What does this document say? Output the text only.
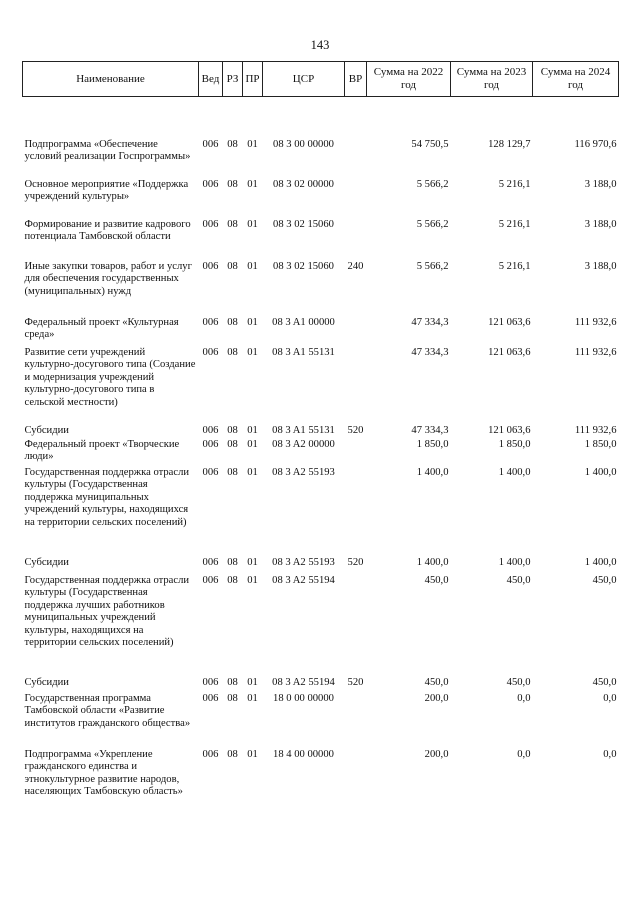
143
Наименование	Вед	РЗ	ПР	ЦСР	ВР	Сумма на 2022 год	Сумма на 2023 год	Сумма на 2024 год
Подпрограмма «Обеспечение условий реализации Госпрограммы»	006	08	01	08 3 00 00000		54 750,5	128 129,7	116 970,6
Основное мероприятие «Поддержка учреждений культуры»	006	08	01	08 3 02 00000		5 566,2	5 216,1	3 188,0
Формирование и развитие кадрового потенциала Тамбовской области	006	08	01	08 3 02 15060		5 566,2	5 216,1	3 188,0
Иные закупки товаров, работ и услуг для обеспечения государственных (муниципальных) нужд	006	08	01	08 3 02 15060	240	5 566,2	5 216,1	3 188,0
Федеральный проект «Культурная среда»	006	08	01	08 3 A1 00000		47 334,3	121 063,6	111 932,6
Развитие сети учреждений культурно-досугового типа (Создание и модернизация учреждений культурно-досугового типа в сельской местности)	006	08	01	08 3 A1 55131		47 334,3	121 063,6	111 932,6
Субсидии	006	08	01	08 3 A1 55131	520	47 334,3	121 063,6	111 932,6
Федеральный проект «Творческие люди»	006	08	01	08 3 A2 00000		1 850,0	1 850,0	1 850,0
Государственная поддержка отрасли культуры (Государственная поддержка муниципальных учреждений культуры, находящихся на территории сельских поселений)	006	08	01	08 3 A2 55193		1 400,0	1 400,0	1 400,0
Субсидии	006	08	01	08 3 A2 55193	520	1 400,0	1 400,0	1 400,0
Государственная поддержка отрасли культуры (Государственная поддержка лучших работников муниципальных учреждений культуры, находящихся на территории сельских поселений)	006	08	01	08 3 A2 55194		450,0	450,0	450,0
Субсидии	006	08	01	08 3 A2 55194	520	450,0	450,0	450,0
Государственная программа Тамбовской области «Развитие институтов гражданского общества»	006	08	01	18 0 00 00000		200,0	0,0	0,0
Подпрограмма «Укрепление гражданского единства и этнокультурное развитие народов, населяющих Тамбовскую область»	006	08	01	18 4 00 00000		200,0	0,0	0,0
